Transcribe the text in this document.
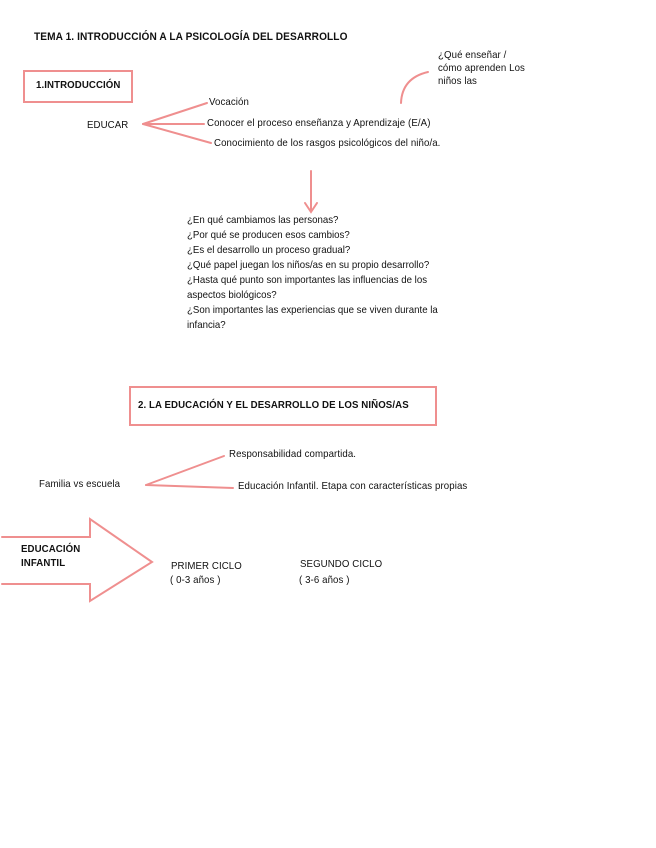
TEMA 1. INTRODUCCIÓN A LA PSICOLOGÍA DEL DESARROLLO
1.INTRODUCCIÓN
¿Qué enseñar /
cómo aprenden Los
niños las
EDUCAR
Vocación
Conocer el proceso enseñanza y Aprendizaje (E/A)
Conocimiento de los rasgos psicológicos del niño/a.
¿En qué cambiamos las personas?
¿Por qué se producen esos cambios?
¿Es el desarrollo un proceso gradual?
¿Qué papel juegan los niños/as en su propio desarrollo?
¿Hasta qué punto son importantes las influencias de los
aspectos biológicos?
¿Son importantes las experiencias que se viven durante la
infancia?
2. LA EDUCACIÓN Y EL DESARROLLO DE LOS NIÑOS/AS
Familia vs escuela
Responsabilidad compartida.
Educación Infantil. Etapa con características propias
EDUCACIÓN
INFANTIL	PRIMER CICLO
( 0-3 años )
SEGUNDO CICLO
( 3-6 años )
